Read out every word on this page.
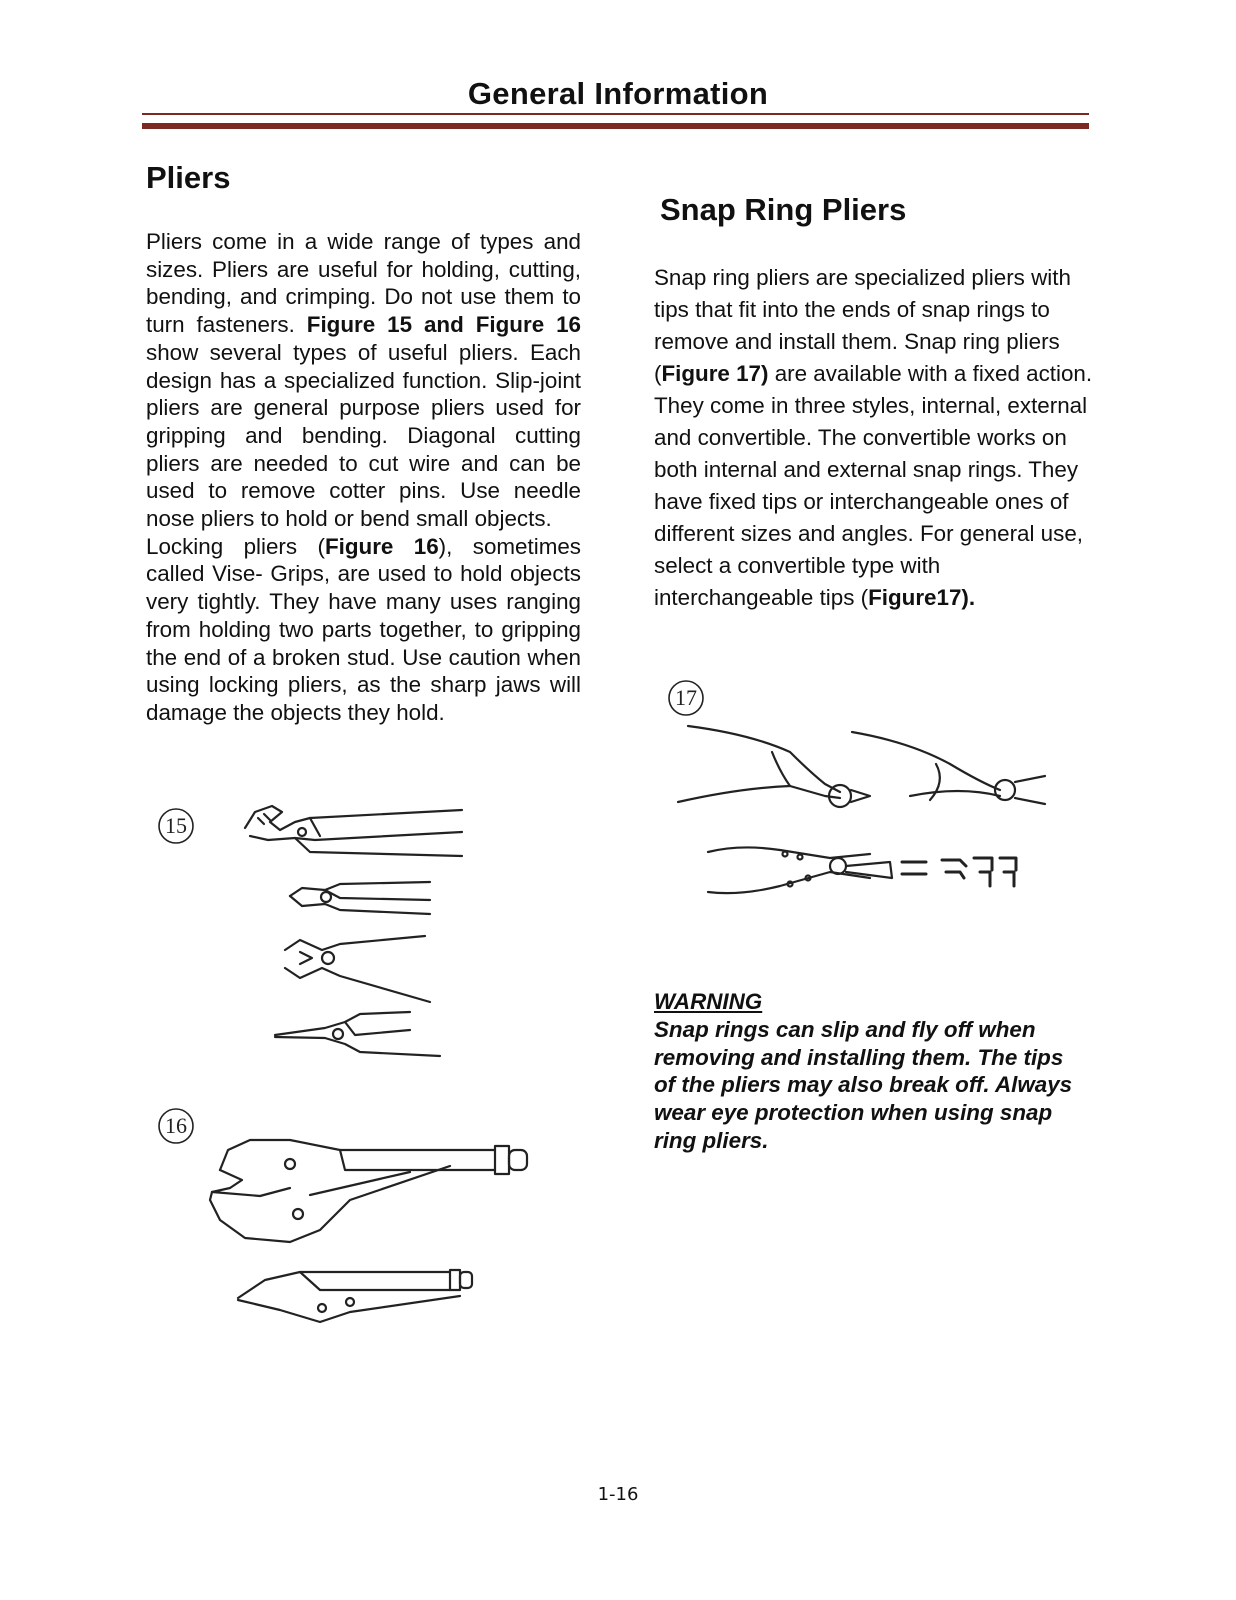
General Information
Pliers
Pliers come in a wide range of types and sizes. Pliers are useful for holding, cutting, bending, and crimping. Do not use them to turn fasteners. Figure 15 and Figure 16 show several types of useful pliers. Each design has a specialized function. Slip-joint pliers are general purpose pliers used for gripping and bending. Diagonal cutting pliers are needed to cut wire and can be used to remove cotter pins. Use needle nose pliers to hold or bend small objects.
Locking pliers (Figure 16), sometimes called Vise- Grips, are used to hold objects very tightly. They have many uses ranging from holding two parts together, to gripping the end of a broken stud. Use caution when using locking pliers, as the sharp jaws will damage the objects they hold.
Snap Ring Pliers
Snap ring pliers are specialized pliers with tips that fit into the ends of snap rings to remove and install them. Snap ring pliers (Figure 17) are available with a fixed action. They come in three styles, internal, external and convertible. The convertible works on both internal and external snap rings. They have fixed tips or interchangeable ones of different sizes and angles. For general use, select a convertible type with interchangeable tips (Figure17).
WARNING
Snap rings can slip and fly off when removing and installing them. The tips of the pliers may also break off. Always wear eye protection when using snap ring pliers.
15
16
17
1-16
